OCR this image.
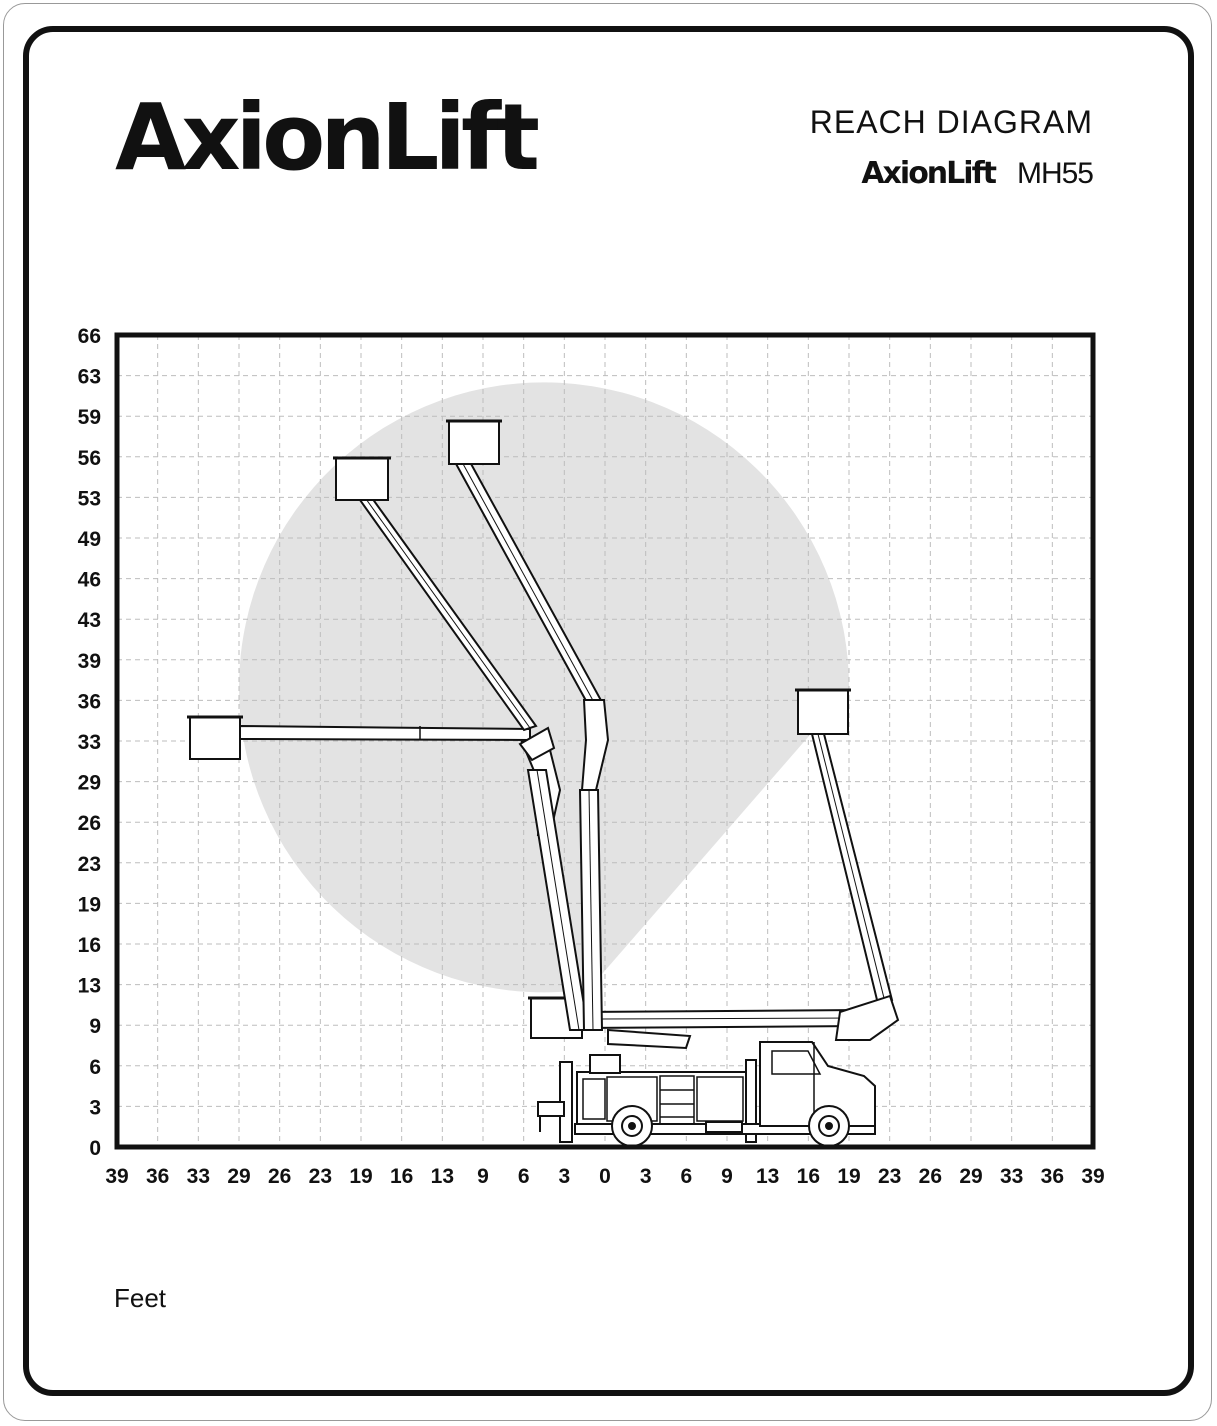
AxionLift	REACH DIAGRAM
AxionLift MH55
66
63
59
56
53
49
46
43
39
36
33
29
26
23
19
16
13
9
6
3
0
39 36 33 29 26 23 19 16 13 9 6 3 0 3 6 9 13 16 19 23 26 29 33 36 39
Feet
